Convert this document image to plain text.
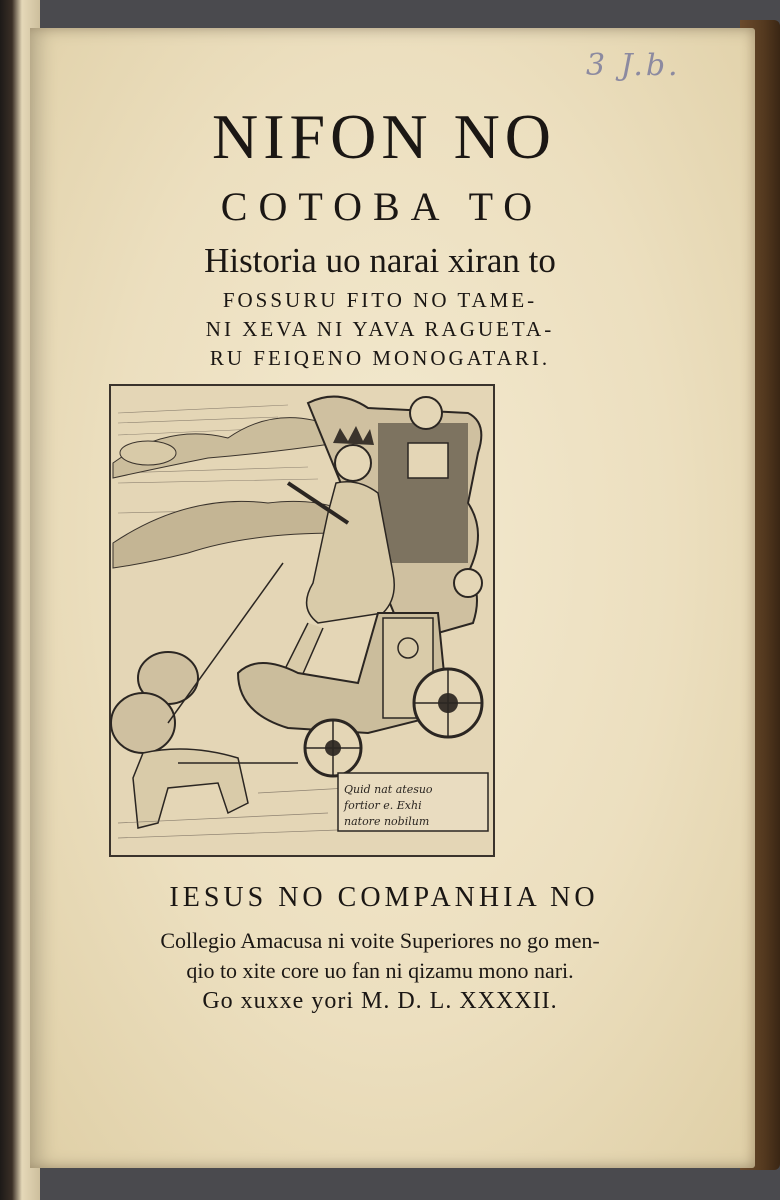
3 J.b.
NIFON NO
COTOBA TO
Historia uo narai xiran to
FOSSURU FITO NO TAME-
NI XEVA NI YAVA RAGUETA-
RU FEIQENO MONOGATARI.
Quid nat atesuo
fortior e. Exhi
natore nobilum
IESUS NO COMPANHIA NO
Collegio Amacusa ni voite Superiores no go men-
qio to xite core uo fan ni qizamu mono nari.
Go xuxxe yori M. D. L. XXXXII.
